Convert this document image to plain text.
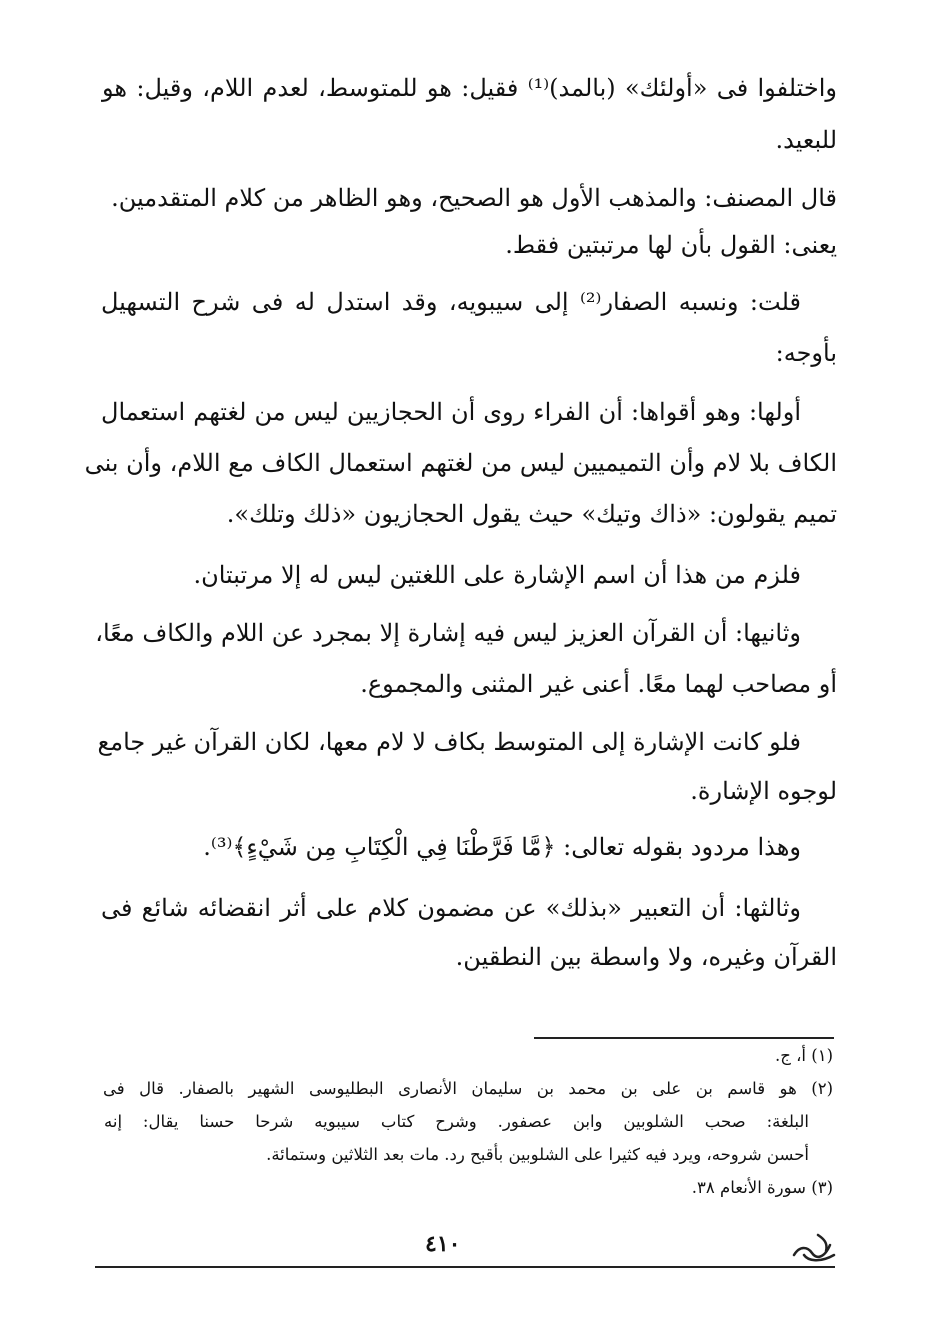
واختلفوا فى «أولئك» (بالمد)⁽¹⁾ فقيل: هو للمتوسط، لعدم اللام، وقيل: هو
للبعيد.
قال المصنف: والمذهب الأول هو الصحيح، وهو الظاهر من كلام المتقدمين.
يعنى: القول بأن لها مرتبتين فقط.
قلت: ونسبه الصفار⁽²⁾ إلى سيبويه، وقد استدل له فى شرح التسهيل
بأوجه:
أولها: وهو أقواها: أن الفراء روى أن الحجازيين ليس من لغتهم استعمال
الكاف بلا لام وأن التميميين ليس من لغتهم استعمال الكاف مع اللام، وأن بنى
تميم يقولون: «ذاك وتيك» حيث يقول الحجازيون «ذلك وتلك».
فلزم من هذا أن اسم الإشارة على اللغتين ليس له إلا مرتبتان.
وثانيها: أن القرآن العزيز ليس فيه إشارة إلا بمجرد عن اللام والكاف معًا،
أو مصاحب لهما معًا. أعنى غير المثنى والمجموع.
فلو كانت الإشارة إلى المتوسط بكاف لا لام معها، لكان القرآن غير جامع
لوجوه الإشارة.
وهذا مردود بقوله تعالى: ﴿مَّا فَرَّطْنَا فِي الْكِتَابِ مِن شَيْءٍ﴾⁽³⁾.
وثالثها: أن التعبير «بذلك» عن مضمون كلام على أثر انقضائه شائع فى
القرآن وغيره، ولا واسطة بين النطقين.
(١) أ، ج.
(٢) هو قاسم بن على بن محمد بن سليمان الأنصارى البطليوسى الشهير بالصفار. قال فى
البلغة: صحب الشلوبين وابن عصفور. وشرح كتاب سيبويه شرحا حسنا يقال: إنه
أحسن شروحه، ويرد فيه كثيرا على الشلوبين بأقبح رد. مات بعد الثلاثين وستمائة.
(٣) سورة الأنعام ٣٨.
٤١٠
